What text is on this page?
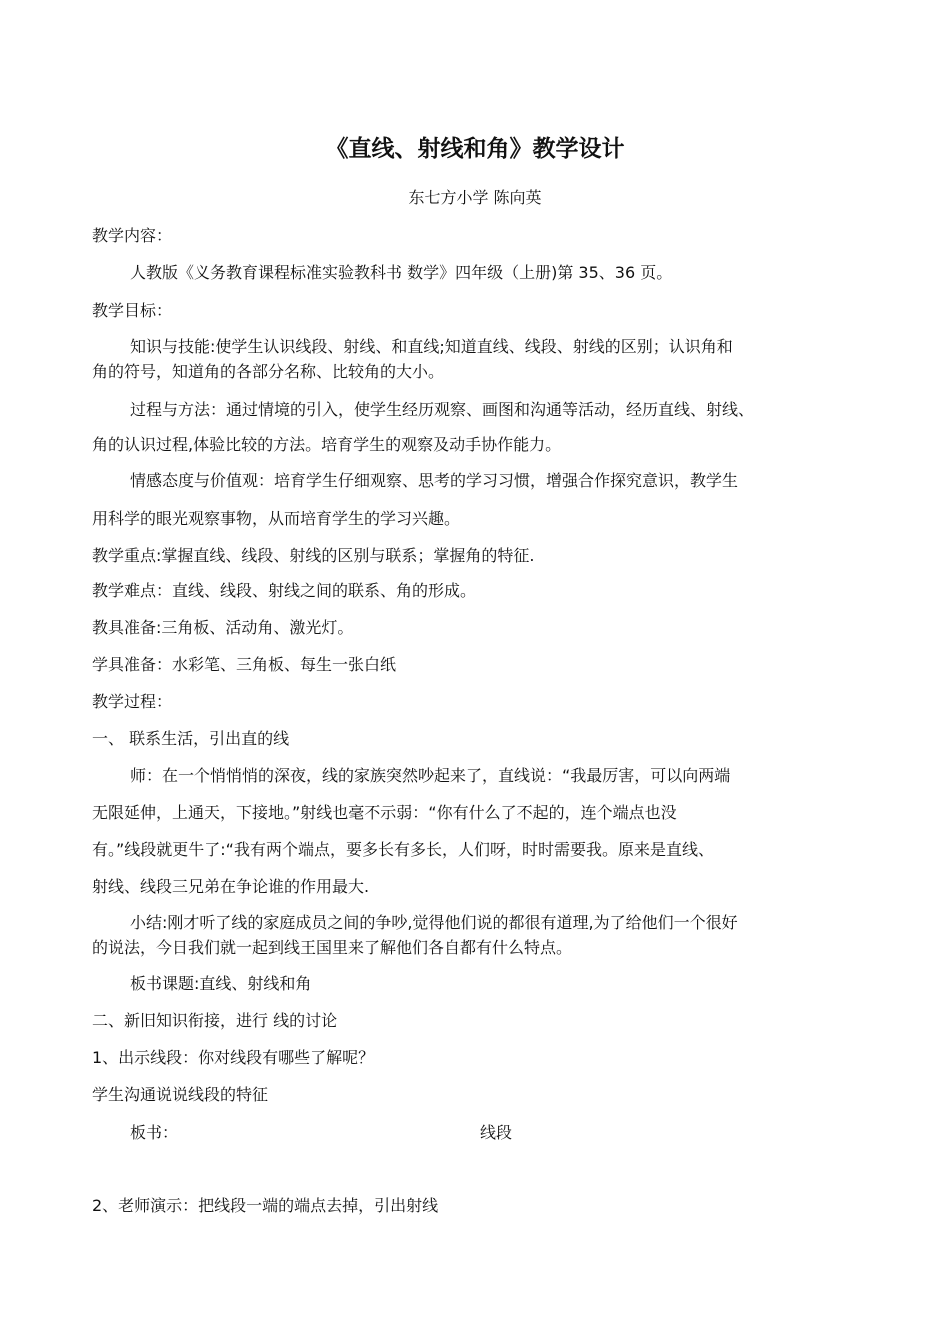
《直线、射线和角》教学设计
东七方小学 陈向英
教学内容：
人教版《义务教育课程标准实验教科书 数学》四年级（上册)第 35、36 页。
教学目标：
知识与技能:使学生认识线段、射线、和直线;知道直线、线段、射线的区别；认识角和
角的符号，知道角的各部分名称、比较角的大小。
过程与方法：通过情境的引入，使学生经历观察、画图和沟通等活动，经历直线、射线、
角的认识过程,体验比较的方法。培育学生的观察及动手协作能力。
情感态度与价值观：培育学生仔细观察、思考的学习习惯，增强合作探究意识，教学生
用科学的眼光观察事物，从而培育学生的学习兴趣。
教学重点:掌握直线、线段、射线的区别与联系；掌握角的特征.
教学难点：直线、线段、射线之间的联系、角的形成。
教具准备:三角板、活动角、激光灯。
学具准备：水彩笔、三角板、每生一张白纸
教学过程：
一、 联系生活，引出直的线
师：在一个悄悄悄的深夜，线的家族突然吵起来了，直线说：“我最厉害，可以向两端
无限延伸，上通天，下接地。”射线也毫不示弱：“你有什么了不起的，连个端点也没
有。”线段就更牛了:“我有两个端点，要多长有多长，人们呀，时时需要我。原来是直线、
射线、线段三兄弟在争论谁的作用最大.
小结:刚才听了线的家庭成员之间的争吵,觉得他们说的都很有道理,为了给他们一个很好
的说法，今日我们就一起到线王国里来了解他们各自都有什么特点。
板书课题:直线、射线和角
二、新旧知识衔接，进行 线的讨论
1、出示线段：你对线段有哪些了解呢？
学生沟通说说线段的特征
板书：	线段
2、老师演示：把线段一端的端点去掉，引出射线
